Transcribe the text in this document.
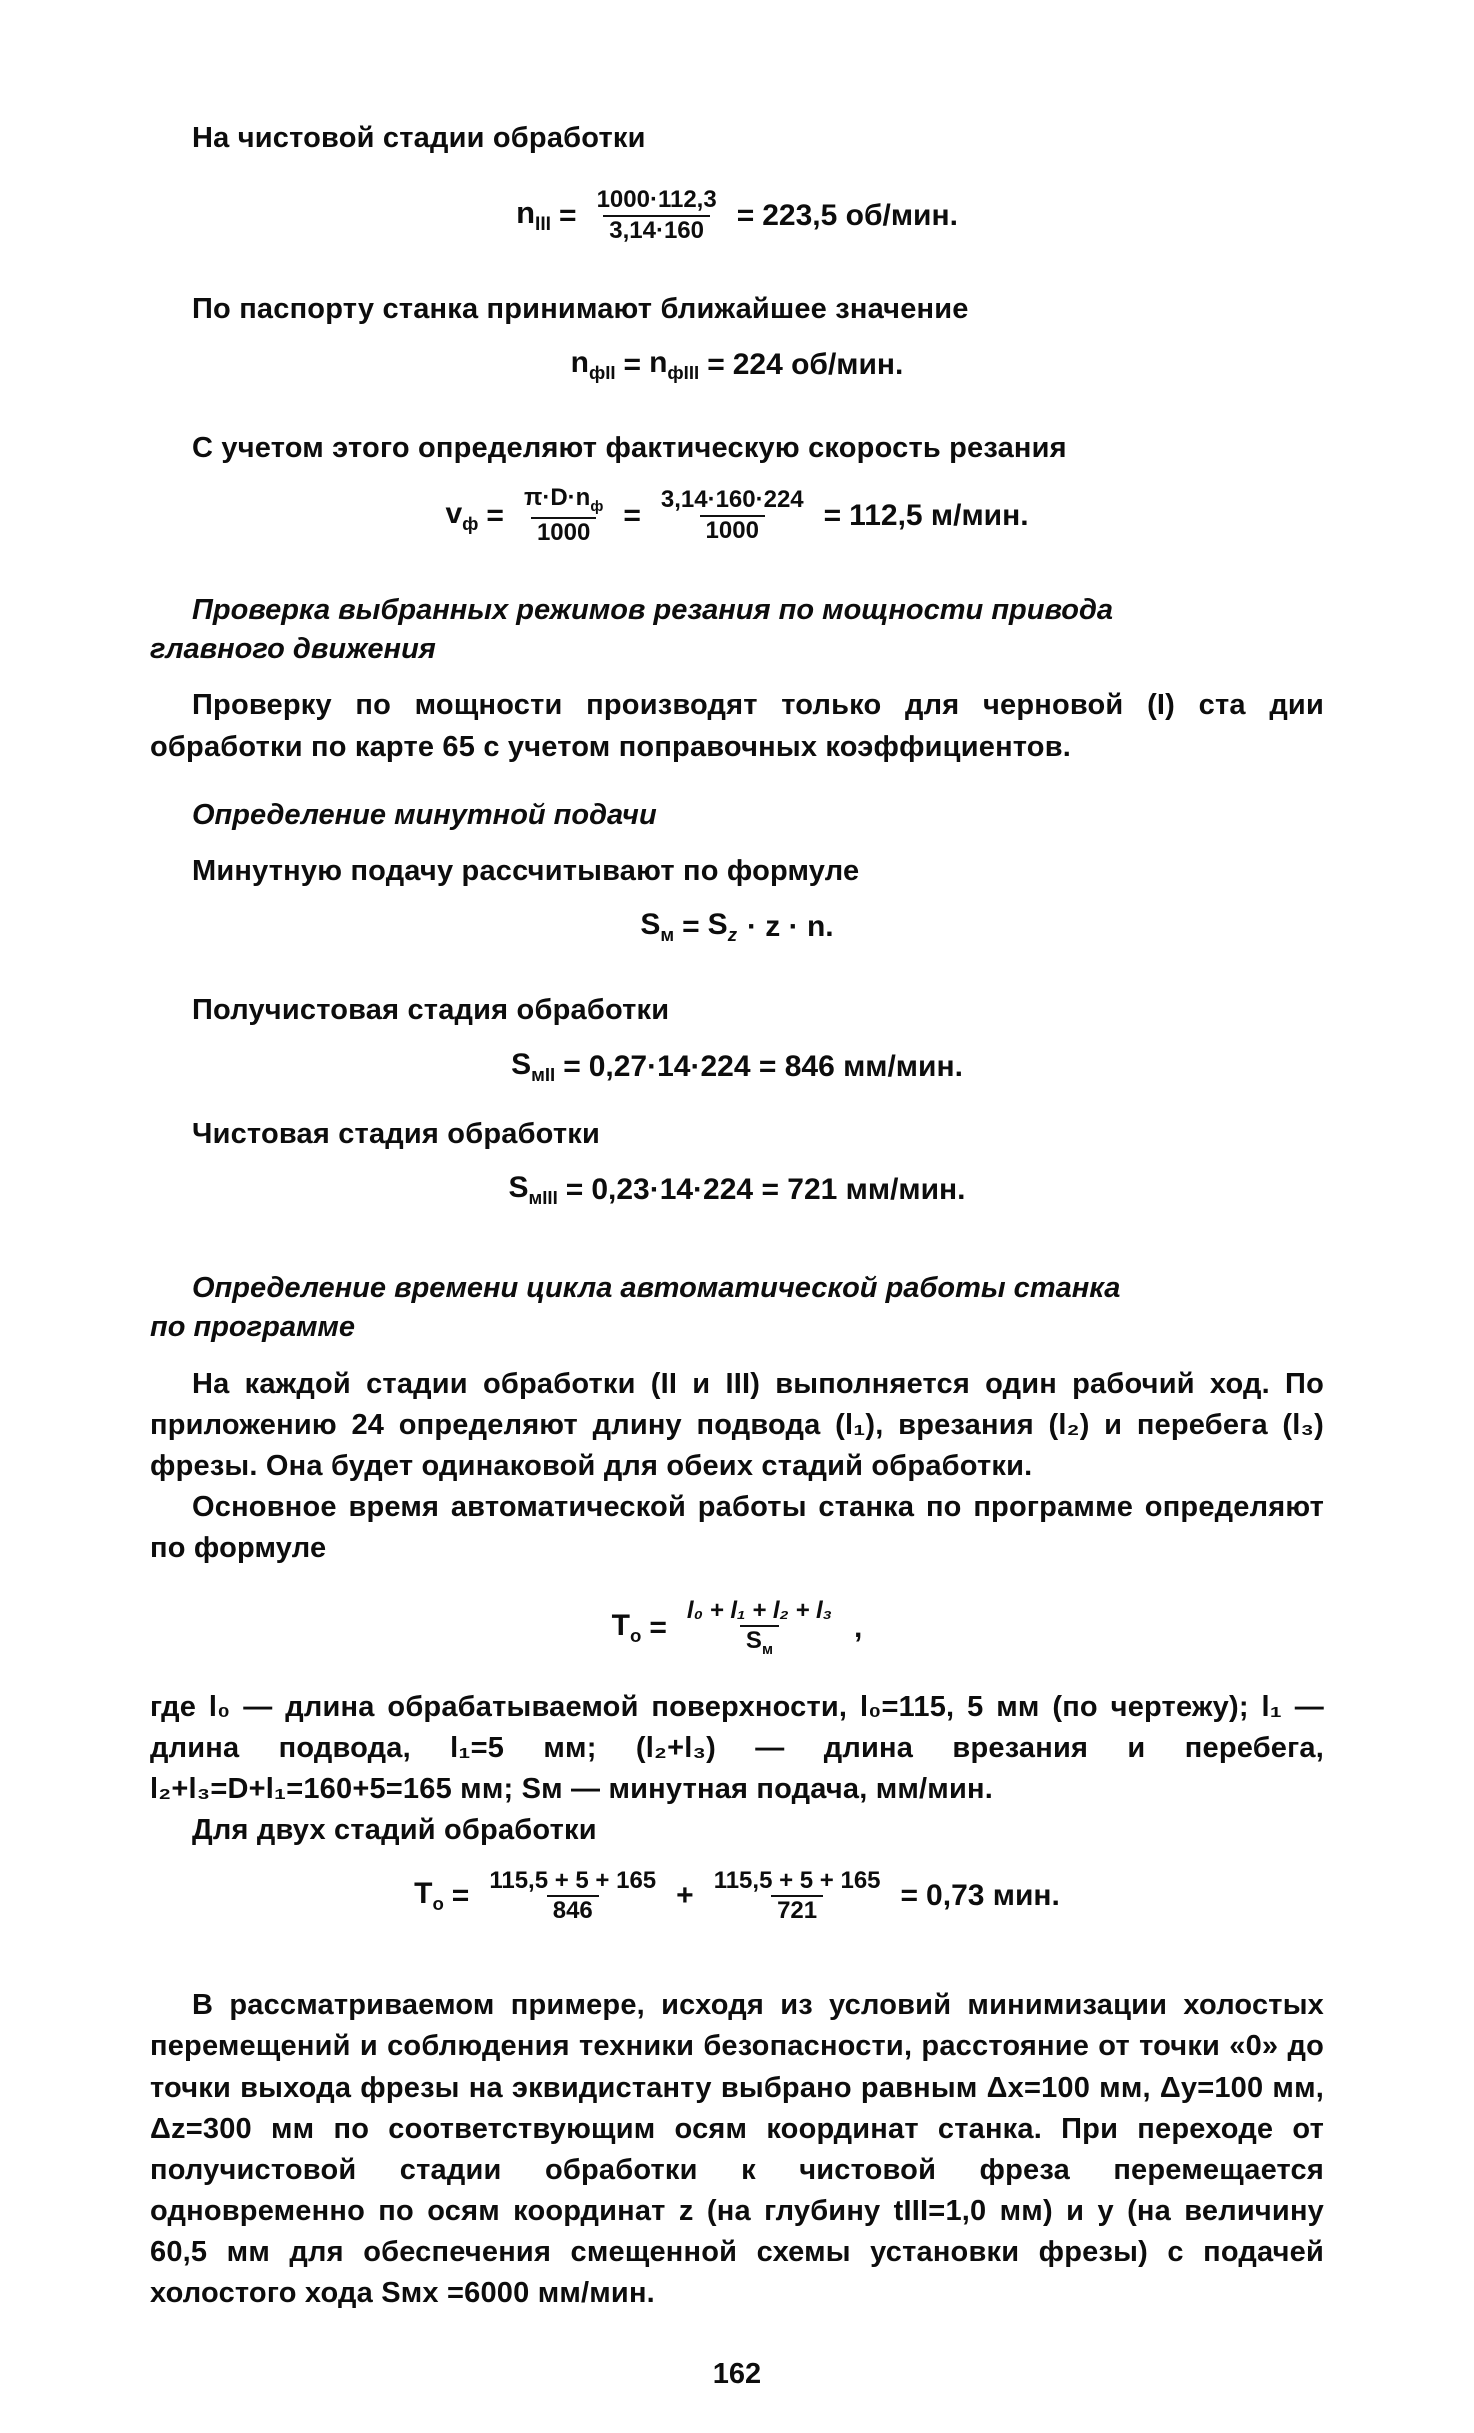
На чистовой стадии обработки

$n_{III} = \frac{1000\cdot 112,3}{3,14\cdot 160} = 223,5$ об/мин.

По паспорту станка принимают ближайшее значение

$n_{фII} = n_{фIII} = 224$ об/мин.

С учетом этого определяют фактическую скорость резания

$v_ф = \frac{\pi\cdot D\cdot n_ф}{1000} = \frac{3,14\cdot 160\cdot 224}{1000} = 112,5$ м/мин.

Проверка выбранных режимов резания по мощности привода

главного движения

Проверку по мощности производят только для черновой (I) ста дии обработки по карте 65 с учетом поправочных коэффициентов.

Определение минутной подачи

Минутную подачу рассчитывают по формуле

$S_м = S_z \cdot z \cdot n$.

Получистовая стадия обработки

$S_{мII} = 0,27\cdot 14\cdot 224 = 846$ мм/мин.

Чистовая стадия обработки

$S_{мIII} = 0,23\cdot 14\cdot 224 = 721$ мм/мин.

Определение времени цикла автоматической работы станка

по программе

На каждой стадии обработки (II и III) выполняется один рабочий ход. По приложению 24 определяют длину подвода (l₁), врезания (l₂) и перебега (l₃) фрезы. Она будет одинаковой для обеих стадий обработки.

Основное время автоматической работы станка по программе определяют по формуле

$T_о = \frac{\text{l₀ + l₁ + l₂ + l₃}}{S_м}$ ,

где l₀ — длина обрабатываемой поверхности, l₀=115, 5 мм (по чертежу); l₁ — длина подвода, l₁=5 мм; (l₂+l₃) — длина врезания и перебега, l₂+l₃=D+l₁=160+5=165 мм; Sм — минутная подача, мм/мин.

Для двух стадий обработки

$T_о = \frac{115,5 + 5 + 165}{846} + \frac{115,5 + 5 + 165}{721} = 0,73$ мин.

В рассматриваемом примере, исходя из условий минимизации холостых перемещений и соблюдения техники безопасности, расстояние от точки «0» до точки выхода фрезы на эквидистанту выбрано равным Δx=100 мм, Δy=100 мм, Δz=300 мм по соответствующим осям координат станка. При переходе от получистовой стадии обработки к чистовой фреза перемещается одновременно по осям координат z (на глубину tIII=1,0 мм) и у (на величину 60,5 мм для обеспечения смещенной схемы установки фрезы) с подачей холостого хода Sмх =6000 мм/мин.

162
